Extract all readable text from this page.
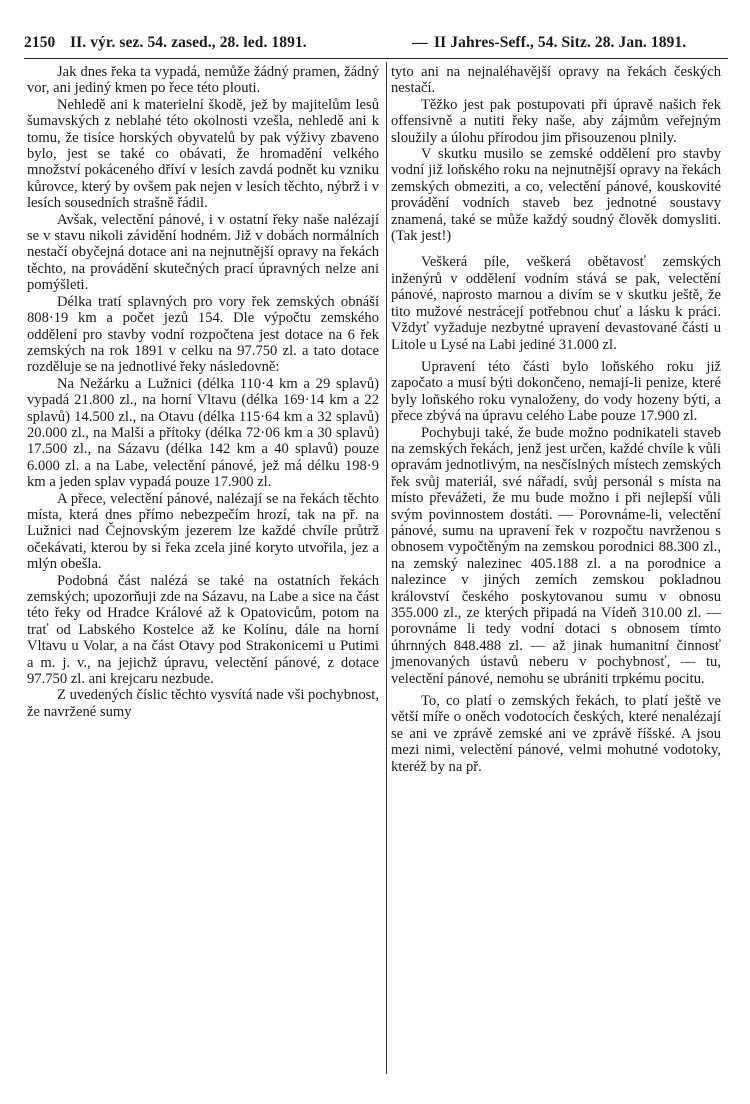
2150 II. výr. sez. 54. zased., 28. led. 1891.	— II Jahres-Seff., 54. Sitz. 28. Jan. 1891.

Jak dnes řeka ta vypadá, nemůže žádný pramen, žádný vor, ani jediný kmen po řece této plouti.

Nehledě ani k materielní škodě, jež by majitelům lesů šumavských z neblahé této okolnosti vzešla, nehledě ani k tomu, že tisíce horských obyvatelů by pak výživy zbaveno bylo, jest se také co obávati, že hromadění velkého množství pokáceného dříví v lesích zavdá podnět ku vzniku kůrovce, který by ovšem pak nejen v lesích těchto, nýbrž i v lesích sousedních strašně řádil.

Avšak, velectění pánové, i v ostatní řeky naše nalézají se v stavu nikoli závidění hodném. Již v dobách normálních nestačí obyčejná dotace ani na nejnutnější opravy na řekách těchto, na provádění skutečných prací úpravných nelze ani pomýšleti.

Délka tratí splavných pro vory řek zemských obnáší 808·19 km a počet jezů 154. Dle výpočtu zemského oddělení pro stavby vodní rozpočtena jest dotace na 6 řek zemských na rok 1891 v celku na 97.750 zl. a tato dotace rozděluje se na jednotlivé řeky následovně:

Na Nežárku a Lužnici (délka 110·4 km a 29 splavů) vypadá 21.800 zl., na horní Vltavu (délka 169·14 km a 22 splavů) 14.500 zl., na Otavu (délka 115·64 km a 32 splavů) 20.000 zl., na Malši a přítoky (délka 72·06 km a 30 splavů) 17.500 zl., na Sázavu (délka 142 km a 40 splavů) pouze 6.000 zl. a na Labe, velectění pánové, jež má délku 198·9 km a jeden splav vypadá pouze 17.900 zl.

A přece, velectění pánové, nalézají se na řekách těchto místa, která dnes přímo nebezpečím hrozí, tak na př. na Lužnici nad Čejnovským jezerem lze každé chvíle průtrž očekávati, kterou by si řeka zcela jiné koryto utvořila, jez a mlýn obešla.

Podobná část nalézá se také na ostatních řekách zemských; upozorňuji zde na Sázavu, na Labe a sice na část této řeky od Hradce Králové až k Opatovicům, potom na trať od Labského Kostelce až ke Kolínu, dále na horní Vltavu u Volar, a na část Otavy pod Strakonicemi u Putimi a m. j. v., na jejichž úpravu, velectění pánové, z dotace 97.750 zl. ani krejcaru nezbude.

Z uvedených číslic těchto vysvítá nade vši pochybnost, že navržené sumy

tyto ani na nejnaléhavější opravy na řekách českých nestačí.

Těžko jest pak postupovati při úpravě našich řek offensivně a nutiti řeky naše, aby zájmům veřejným sloužily a úlohu přírodou jim přisouzenou plnily.

V skutku musilo se zemské oddělení pro stavby vodní již loňského roku na nejnutnější opravy na řekách zemských obmeziti, a co, velectění pánové, kouskovité provádění vodních staveb bez jednotné soustavy znamená, také se může každý soudný člověk domysliti. (Tak jest!)

Veškerá píle, veškerá obětavosť zemských inženýrů v oddělení vodním stává se pak, velectění pánové, naprosto marnou a divím se v skutku ještě, že tito mužové nestrácejí potřebnou chuť a lásku k práci. Vždyť vyžaduje nezbytné upravení devastované části u Litole u Lysé na Labi jediné 31.000 zl.

Upravení této části bylo loňského roku již započato a musí býti dokončeno, nemají-li penize, které byly loňského roku vynaloženy, do vody hozeny býti, a přece zbývá na úpravu celého Labe pouze 17.900 zl.

Pochybuji také, že bude možno podnikateli staveb na zemských řekách, jenž jest určen, každé chvíle k vůli opravám jednotlivým, na nesčíslných místech zemských řek svůj materiál, své nářadí, svůj personál s místa na místo převážeti, že mu bude možno i při nejlepší vůli svým povinnostem dostáti. — Porovnáme-li, velectění pánové, sumu na upravení řek v rozpočtu navrženou s obnosem vypočtěným na zemskou porodnici 88.300 zl., na zemský nalezinec 405.188 zl. a na porodnice a nalezince v jiných zemích zemskou pokladnou království českého poskytovanou sumu v obnosu 355.000 zl., ze kterých připadá na Vídeň 310.00 zl. — porovnáme li tedy vodní dotaci s obnosem tímto úhrnných 848.488 zl. — až jinak humanitní činnosť jmenovaných ústavů neberu v pochybnosť, — tu, velectění pánové, nemohu se ubrániti trpkému pocitu.

To, co platí o zemských řekách, to platí ještě ve větší míře o oněch vodotocích českých, které nenalézají se ani ve zprávě zemské ani ve zprávě říšské. A jsou mezi nimi, velectění pánové, velmi mohutné vodotoky, kteréž by na př.
